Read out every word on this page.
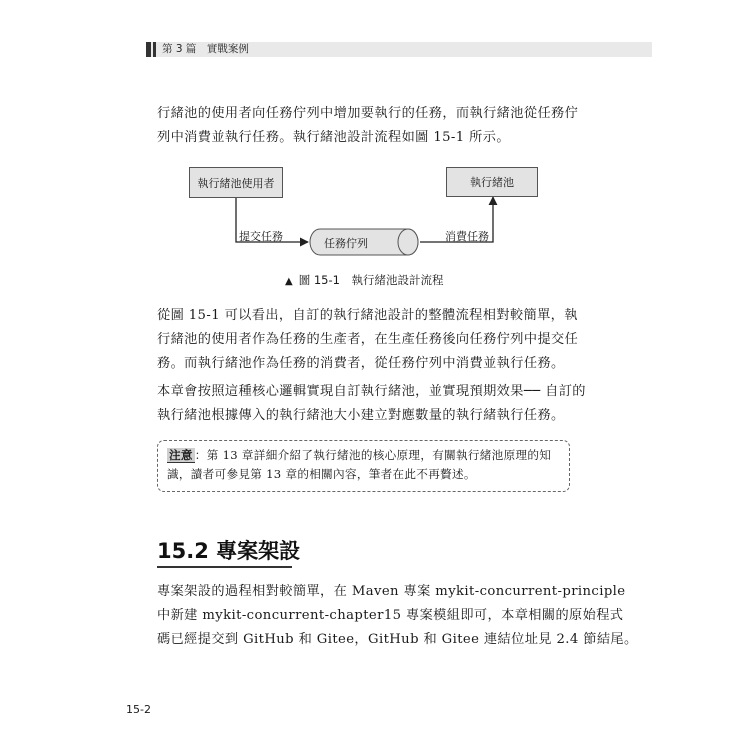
第 3 篇　實戰案例
行緒池的使用者向任務佇列中增加要執行的任務，而執行緒池從任務佇
列中消費並執行任務。執行緒池設計流程如圖 15-1 所示。
執行緒池使用者	執行緒池
任務佇列
提交任務	消費任務
▲ 圖 15-1　執行緒池設計流程
從圖 15-1 可以看出，自訂的執行緒池設計的整體流程相對較簡單，執
行緒池的使用者作為任務的生產者，在生產任務後向任務佇列中提交任
務。而執行緒池作為任務的消費者，從任務佇列中消費並執行任務。
本章會按照這種核心邏輯實現自訂執行緒池，並實現預期效果── 自訂的
執行緒池根據傳入的執行緒池大小建立對應數量的執行緒執行任務。
注意 ：第 13 章詳細介紹了執行緒池的核心原理，有關執行緒池原理的知
識，讀者可參見第 13 章的相關內容，筆者在此不再贅述。
15.2 專案架設
專案架設的過程相對較簡單，在 Maven 專案 mykit-concurrent-principle
中新建 mykit-concurrent-chapter15 專案模組即可，本章相關的原始程式
碼已經提交到 GitHub 和 Gitee，GitHub 和 Gitee 連結位址見 2.4 節結尾。
15-2
